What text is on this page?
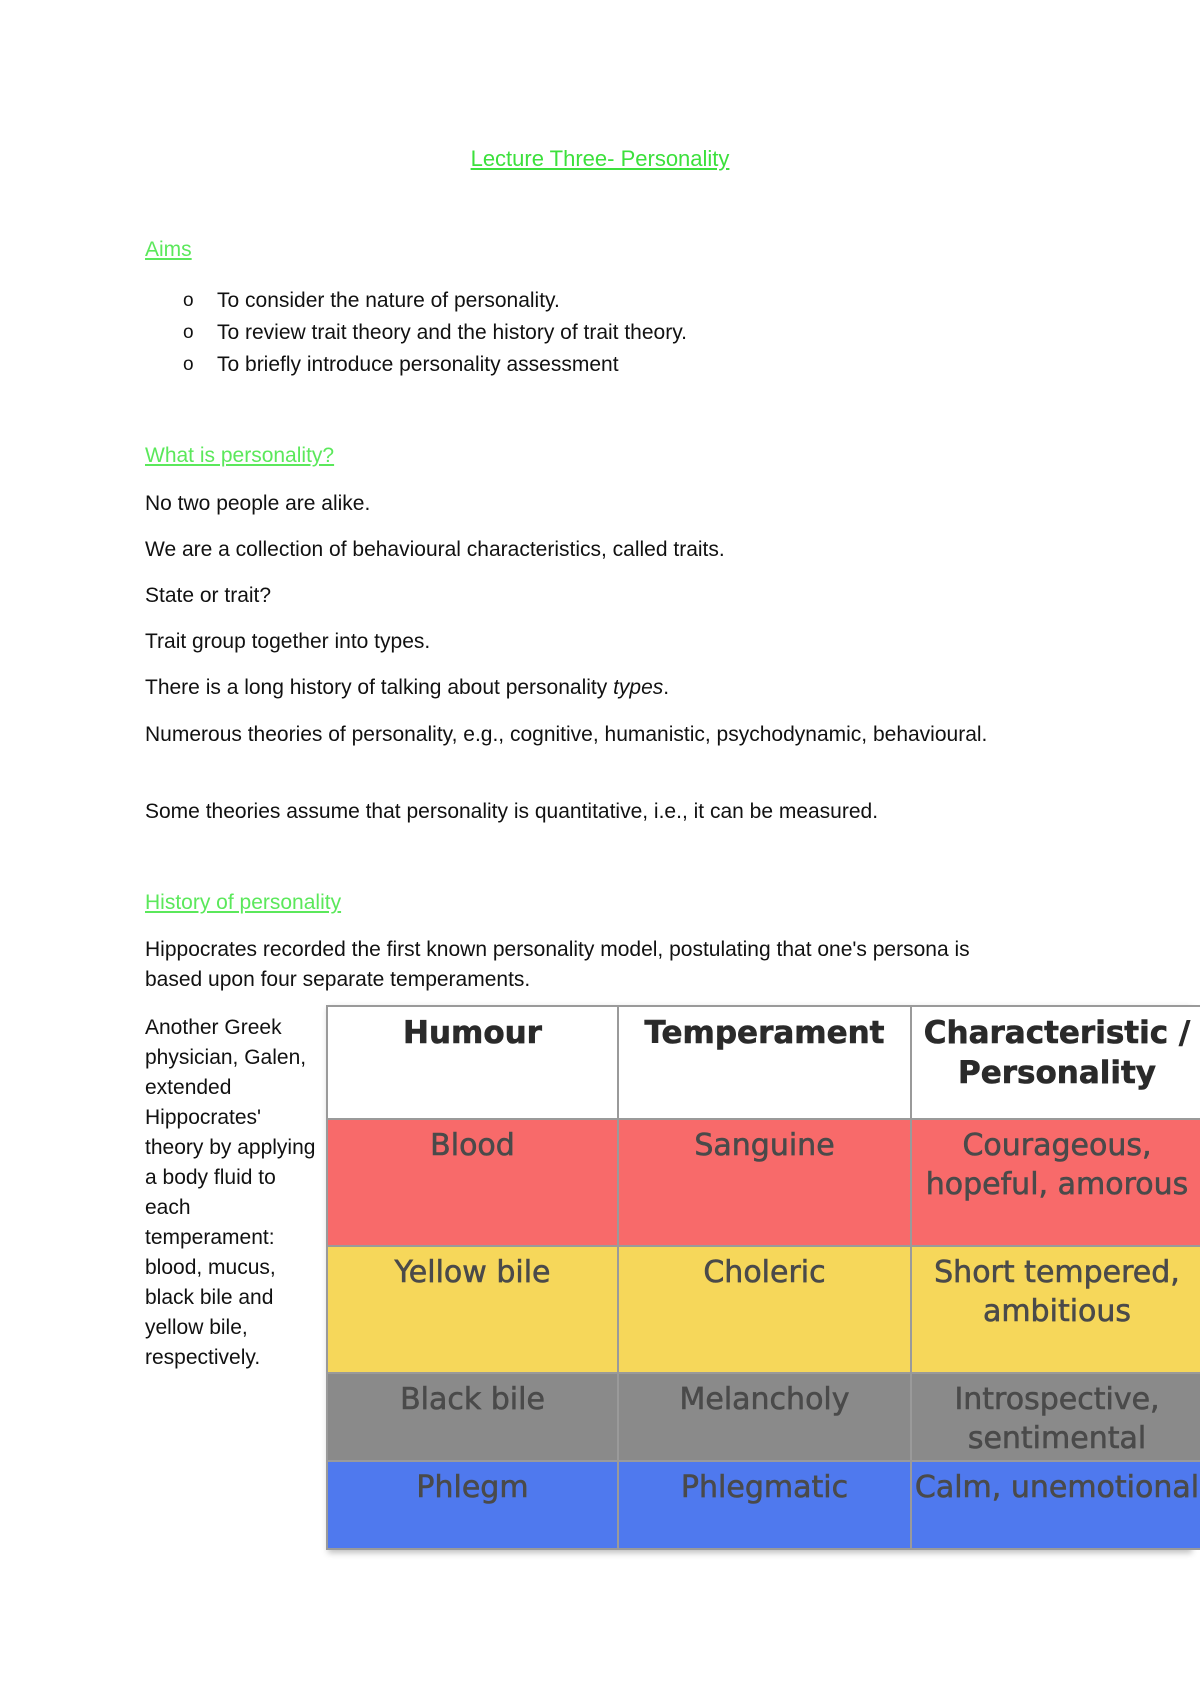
Lecture Three- Personality
Aims
o To consider the nature of personality.
o To review trait theory and the history of trait theory.
o To briefly introduce personality assessment
What is personality?
No two people are alike.
We are a collection of behavioural characteristics, called traits.
State or trait?
Trait group together into types.
There is a long history of talking about personality types.
Numerous theories of personality, e.g., cognitive, humanistic, psychodynamic, behavioural.
Some theories assume that personality is quantitative, i.e., it can be measured.
History of personality
Hippocrates recorded the first known personality model, postulating that one's persona is based upon four separate temperaments.
Another Greek physician, Galen, extended Hippocrates' theory by applying a body fluid to each temperament: blood, mucus, black bile and yellow bile, respectively.
Humour	Temperament	Characteristic / Personality
Blood	Sanguine	Courageous, hopeful, amorous
Yellow bile	Choleric	Short tempered, ambitious
Black bile	Melancholy	Introspective, sentimental
Phlegm	Phlegmatic	Calm, unemotional
